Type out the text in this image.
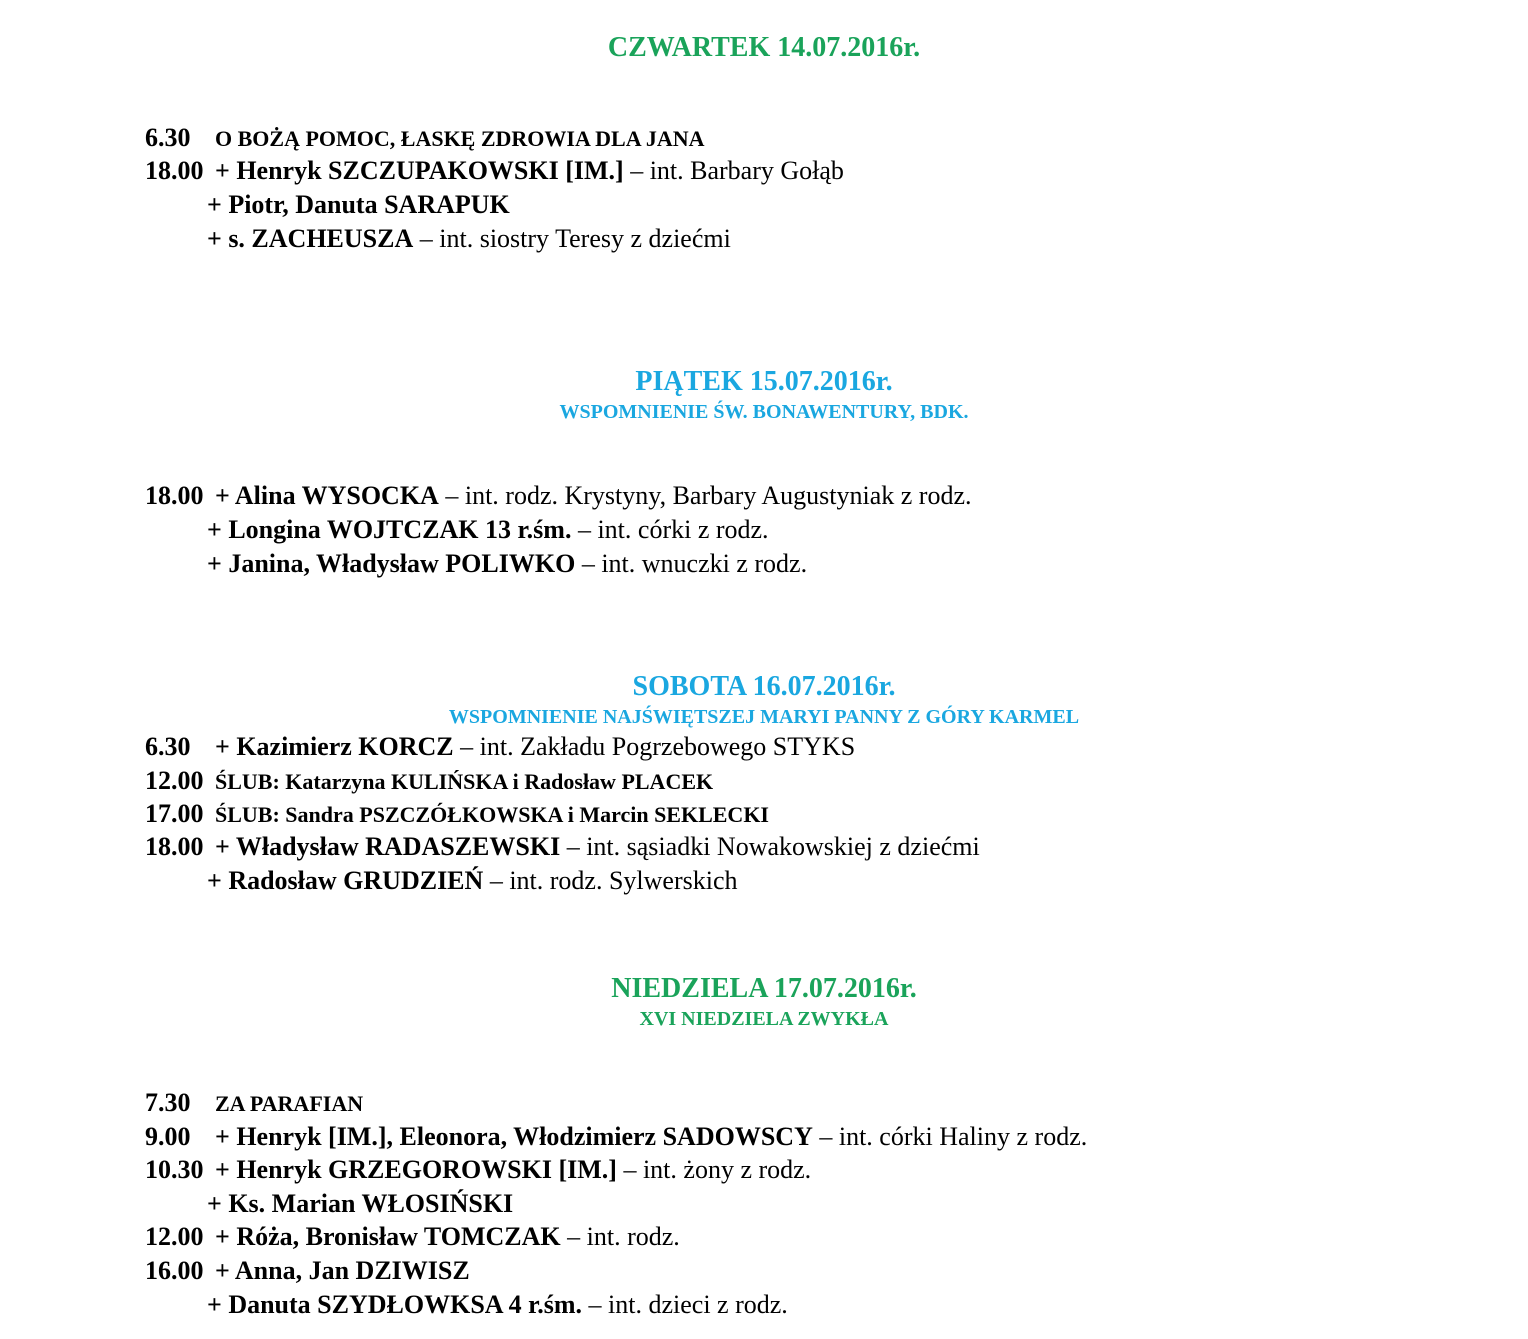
CZWARTEK 14.07.2016r.
6.30 O BOŻĄ POMOC, ŁASKĘ ZDROWIA DLA JANA
18.00 + Henryk SZCZUPAKOWSKI [IM.] – int. Barbary Gołąb
+ Piotr, Danuta SARAPUK
+ s. ZACHEUSZA – int. siostry Teresy z dziećmi
PIĄTEK 15.07.2016r.
WSPOMNIENIE ŚW. BONAWENTURY, BDK.
18.00 + Alina WYSOCKA – int. rodz. Krystyny, Barbary Augustyniak z rodz.
+ Longina WOJTCZAK 13 r.śm. – int. córki z rodz.
+ Janina, Władysław POLIWKO – int. wnuczki z rodz.
SOBOTA 16.07.2016r.
WSPOMNIENIE NAJŚWIĘTSZEJ MARYI PANNY Z GÓRY KARMEL
6.30 + Kazimierz KORCZ – int. Zakładu Pogrzebowego STYKS
12.00 ŚLUB: Katarzyna KULIŃSKA i Radosław PLACEK
17.00 ŚLUB: Sandra PSZCZÓŁKOWSKA i Marcin SEKLECKI
18.00 + Władysław RADASZEWSKI – int. sąsiadki Nowakowskiej z dziećmi
+ Radosław GRUDZIEŃ – int. rodz. Sylwerskich
NIEDZIELA 17.07.2016r.
XVI NIEDZIELA ZWYKŁA
7.30 ZA PARAFIAN
9.00 + Henryk [IM.], Eleonora, Włodzimierz SADOWSCY – int. córki Haliny z rodz.
10.30 + Henryk GRZEGOROWSKI [IM.] – int. żony z rodz.
+ Ks. Marian WŁOSIŃSKI
12.00 + Róża, Bronisław TOMCZAK – int. rodz.
16.00 + Anna, Jan DZIWISZ
+ Danuta SZYDŁOWKSA 4 r.śm. – int. dzieci z rodz.
